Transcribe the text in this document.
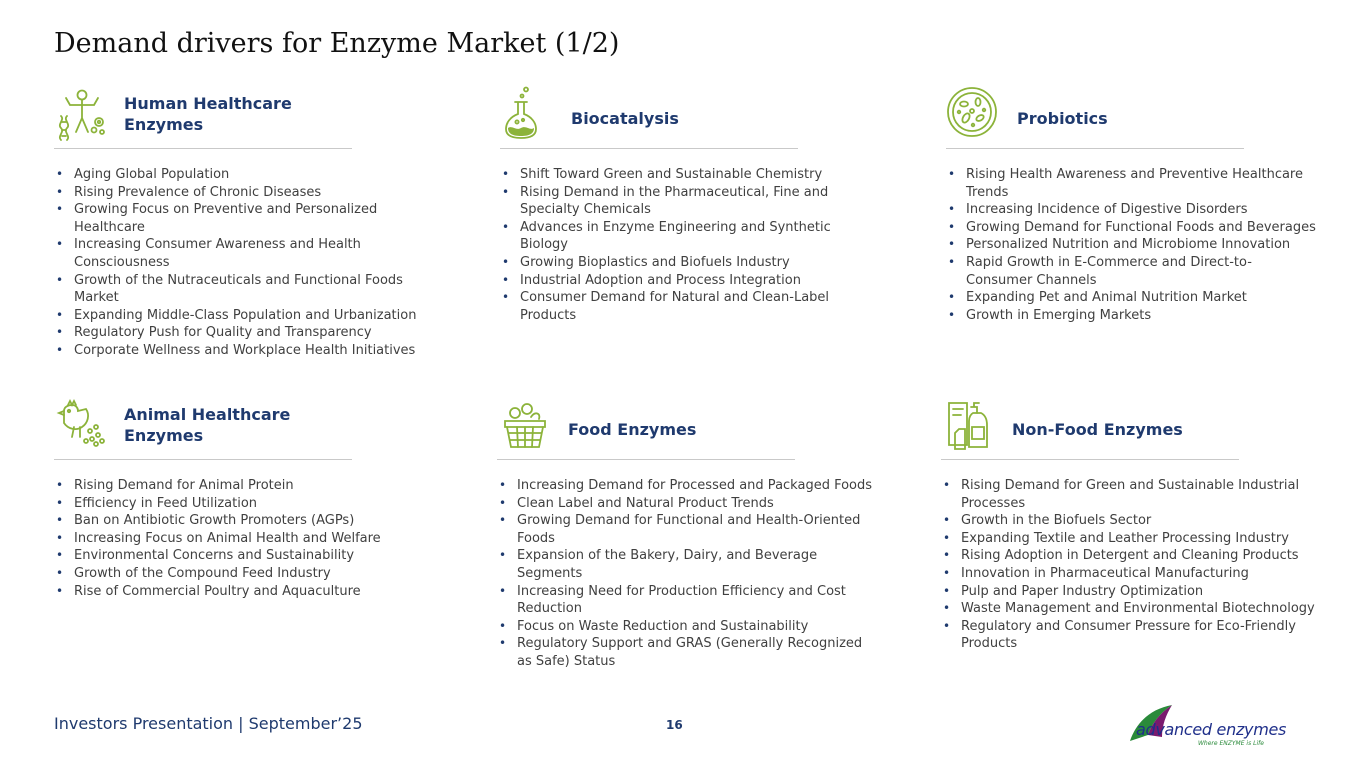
Demand drivers for Enzyme Market (1/2)
Human Healthcare
Enzymes
• Aging Global Population
• Rising Prevalence of Chronic Diseases
• Growing Focus on Preventive and Personalized Healthcare
• Increasing Consumer Awareness and Health Consciousness
• Growth of the Nutraceuticals and Functional Foods Market
• Expanding Middle-Class Population and Urbanization
• Regulatory Push for Quality and Transparency
• Corporate Wellness and Workplace Health Initiatives
Biocatalysis
• Shift Toward Green and Sustainable Chemistry
• Rising Demand in the Pharmaceutical, Fine and Specialty Chemicals
• Advances in Enzyme Engineering and Synthetic Biology
• Growing Bioplastics and Biofuels Industry
• Industrial Adoption and Process Integration
• Consumer Demand for Natural and Clean-Label Products
Probiotics
• Rising Health Awareness and Preventive Healthcare Trends
• Increasing Incidence of Digestive Disorders
• Growing Demand for Functional Foods and Beverages
• Personalized Nutrition and Microbiome Innovation
• Rapid Growth in E-Commerce and Direct-to-Consumer Channels
• Expanding Pet and Animal Nutrition Market
• Growth in Emerging Markets
Animal Healthcare
Enzymes
• Rising Demand for Animal Protein
• Efficiency in Feed Utilization
• Ban on Antibiotic Growth Promoters (AGPs)
• Increasing Focus on Animal Health and Welfare
• Environmental Concerns and Sustainability
• Growth of the Compound Feed Industry
• Rise of Commercial Poultry and Aquaculture
Food Enzymes
• Increasing Demand for Processed and Packaged Foods
• Clean Label and Natural Product Trends
• Growing Demand for Functional and Health-Oriented Foods
• Expansion of the Bakery, Dairy, and Beverage Segments
• Increasing Need for Production Efficiency and Cost Reduction
• Focus on Waste Reduction and Sustainability
• Regulatory Support and GRAS (Generally Recognized as Safe) Status
Non-Food Enzymes
• Rising Demand for Green and Sustainable Industrial Processes
• Growth in the Biofuels Sector
• Expanding Textile and Leather Processing Industry
• Rising Adoption in Detergent and Cleaning Products
• Innovation in Pharmaceutical Manufacturing
• Pulp and Paper Industry Optimization
• Waste Management and Environmental Biotechnology
• Regulatory and Consumer Pressure for Eco-Friendly Products
Investors Presentation | September’25	16	advanced enzymes
Where ENZYME is Life
